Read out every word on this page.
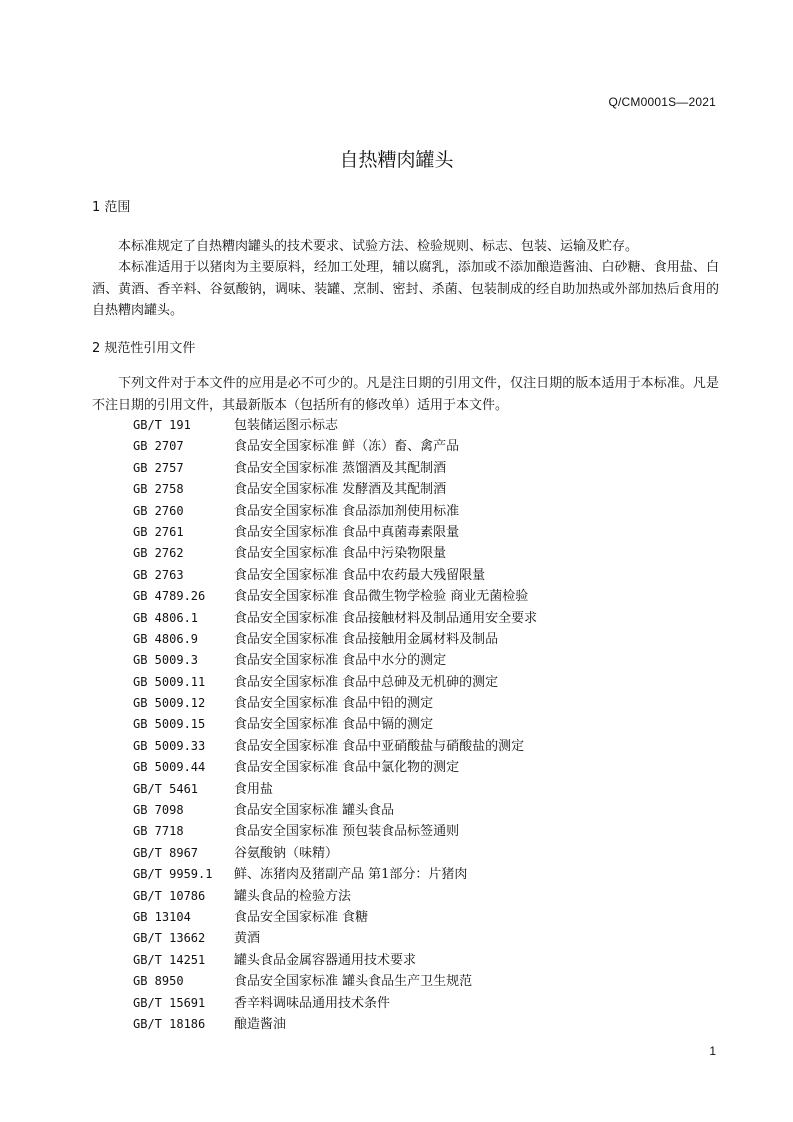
Q/CM0001S—2021
自热糟肉罐头
1 范围
本标准规定了自热糟肉罐头的技术要求、试验方法、检验规则、标志、包装、运输及贮存。
本标准适用于以猪肉为主要原料，经加工处理，辅以腐乳，添加或不添加酿造酱油、白砂糖、食用盐、白酒、黄酒、香辛料、谷氨酸钠，调味、装罐、烹制、密封、杀菌、包装制成的经自助加热或外部加热后食用的自热糟肉罐头。
2 规范性引用文件
下列文件对于本文件的应用是必不可少的。凡是注日期的引用文件，仅注日期的版本适用于本标准。凡是不注日期的引用文件，其最新版本（包括所有的修改单）适用于本文件。
GB/T 191	包装储运图示标志
GB 2707	食品安全国家标准 鲜（冻）畜、禽产品
GB 2757	食品安全国家标准 蒸馏酒及其配制酒
GB 2758	食品安全国家标准 发酵酒及其配制酒
GB 2760	食品安全国家标准 食品添加剂使用标准
GB 2761	食品安全国家标准 食品中真菌毒素限量
GB 2762	食品安全国家标准 食品中污染物限量
GB 2763	食品安全国家标准 食品中农药最大残留限量
GB 4789.26	食品安全国家标准 食品微生物学检验 商业无菌检验
GB 4806.1	食品安全国家标准 食品接触材料及制品通用安全要求
GB 4806.9	食品安全国家标准 食品接触用金属材料及制品
GB 5009.3	食品安全国家标准 食品中水分的测定
GB 5009.11	食品安全国家标准 食品中总砷及无机砷的测定
GB 5009.12	食品安全国家标准 食品中铅的测定
GB 5009.15	食品安全国家标准 食品中镉的测定
GB 5009.33	食品安全国家标准 食品中亚硝酸盐与硝酸盐的测定
GB 5009.44	食品安全国家标准 食品中氯化物的测定
GB/T 5461	食用盐
GB 7098	食品安全国家标准 罐头食品
GB 7718	食品安全国家标准 预包装食品标签通则
GB/T 8967	谷氨酸钠（味精）
GB/T 9959.1	鲜、冻猪肉及猪副产品 第1部分：片猪肉
GB/T 10786	罐头食品的检验方法
GB 13104	食品安全国家标准 食糖
GB/T 13662	黄酒
GB/T 14251	罐头食品金属容器通用技术要求
GB 8950	食品安全国家标准 罐头食品生产卫生规范
GB/T 15691	香辛料调味品通用技术条件
GB/T 18186	酿造酱油
1
